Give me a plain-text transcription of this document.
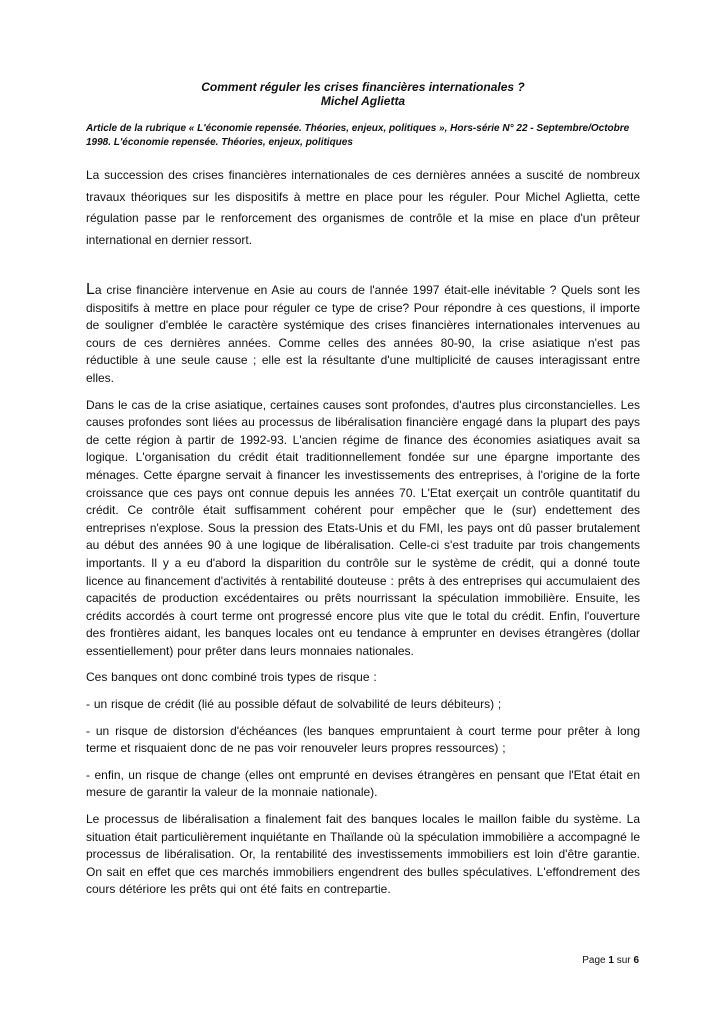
Comment réguler les crises financières internationales ?
Michel Aglietta

Article de la rubrique « L'économie repensée. Théories, enjeux, politiques », Hors-série N° 22 - Septembre/Octobre 1998. L'économie repensée. Théories, enjeux, politiques

La succession des crises financières internationales de ces dernières années a suscité de nombreux travaux théoriques sur les dispositifs à mettre en place pour les réguler. Pour Michel Aglietta, cette régulation passe par le renforcement des organismes de contrôle et la mise en place d'un prêteur international en dernier ressort.

La crise financière intervenue en Asie au cours de l'année 1997 était-elle inévitable ? Quels sont les dispositifs à mettre en place pour réguler ce type de crise? Pour répondre à ces questions, il importe de souligner d'emblée le caractère systémique des crises financières internationales intervenues au cours de ces dernières années. Comme celles des années 80-90, la crise asiatique n'est pas réductible à une seule cause ; elle est la résultante d'une multiplicité de causes interagissant entre elles.

Dans le cas de la crise asiatique, certaines causes sont profondes, d'autres plus circonstancielles. Les causes profondes sont liées au processus de libéralisation financière engagé dans la plupart des pays de cette région à partir de 1992-93. L'ancien régime de finance des économies asiatiques avait sa logique. L'organisation du crédit était traditionnellement fondée sur une épargne importante des ménages. Cette épargne servait à financer les investissements des entreprises, à l'origine de la forte croissance que ces pays ont connue depuis les années 70. L'Etat exerçait un contrôle quantitatif du crédit. Ce contrôle était suffisamment cohérent pour empêcher que le (sur) endettement des entreprises n'explose. Sous la pression des Etats-Unis et du FMI, les pays ont dû passer brutalement au début des années 90 à une logique de libéralisation. Celle-ci s'est traduite par trois changements importants. Il y a eu d'abord la disparition du contrôle sur le système de crédit, qui a donné toute licence au financement d'activités à rentabilité douteuse : prêts à des entreprises qui accumulaient des capacités de production excédentaires ou prêts nourrissant la spéculation immobilière. Ensuite, les crédits accordés à court terme ont progressé encore plus vite que le total du crédit. Enfin, l'ouverture des frontières aidant, les banques locales ont eu tendance à emprunter en devises étrangères (dollar essentiellement) pour prêter dans leurs monnaies nationales.

Ces banques ont donc combiné trois types de risque :

- un risque de crédit (lié au possible défaut de solvabilité de leurs débiteurs) ;

- un risque de distorsion d'échéances (les banques empruntaient à court terme pour prêter à long terme et risquaient donc de ne pas voir renouveler leurs propres ressources) ;

- enfin, un risque de change (elles ont emprunté en devises étrangères en pensant que l'Etat était en mesure de garantir la valeur de la monnaie nationale).

Le processus de libéralisation a finalement fait des banques locales le maillon faible du système. La situation était particulièrement inquiétante en Thaïlande où la spéculation immobilière a accompagné le processus de libéralisation. Or, la rentabilité des investissements immobiliers est loin d'être garantie. On sait en effet que ces marchés immobiliers engendrent des bulles spéculatives. L'effondrement des cours détériore les prêts qui ont été faits en contrepartie.

Page 1 sur 6
